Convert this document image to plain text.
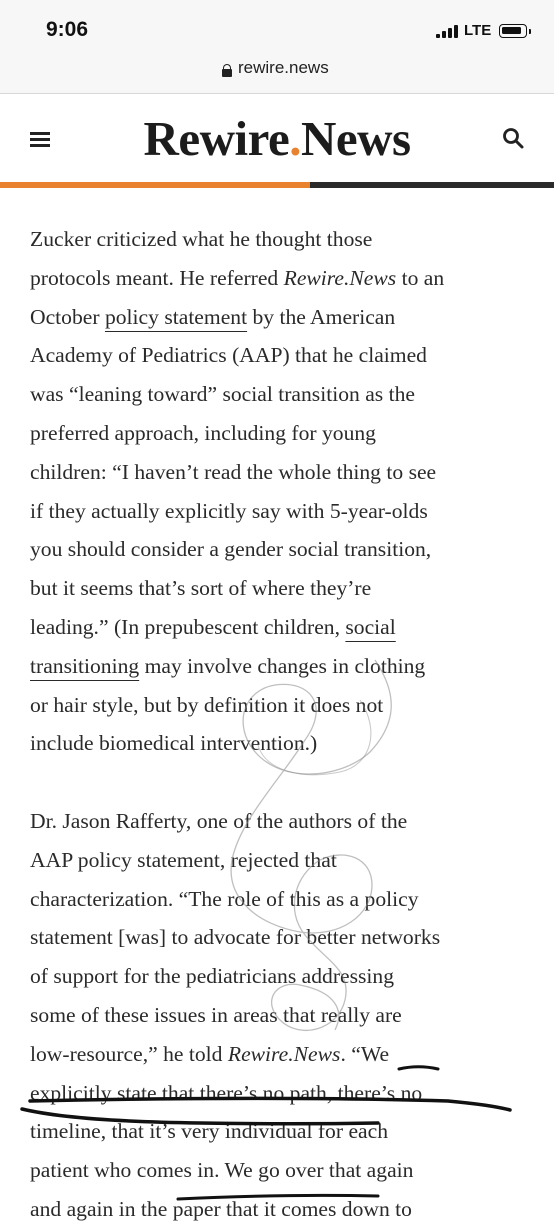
9:06	LTE
rewire.news
Rewire.News
Zucker criticized what he thought those
protocols meant. He referred Rewire.News to an
October policy statement by the American
Academy of Pediatrics (AAP) that he claimed
was “leaning toward” social transition as the
preferred approach, including for young
children: “I haven’t read the whole thing to see
if they actually explicitly say with 5-year-olds
you should consider a gender social transition,
but it seems that’s sort of where they’re
leading.” (In prepubescent children, social
transitioning may involve changes in clothing
or hair style, but by definition it does not
include biomedical intervention.)
Dr. Jason Rafferty, one of the authors of the
AAP policy statement, rejected that
characterization. “The role of this as a policy
statement [was] to advocate for better networks
of support for the pediatricians addressing
some of these issues in areas that really are
low-resource,” he told Rewire.News. “We
explicitly state that there’s no path, there’s no
timeline, that it’s very individual for each
patient who comes in. We go over that again
and again in the paper that it comes down to
